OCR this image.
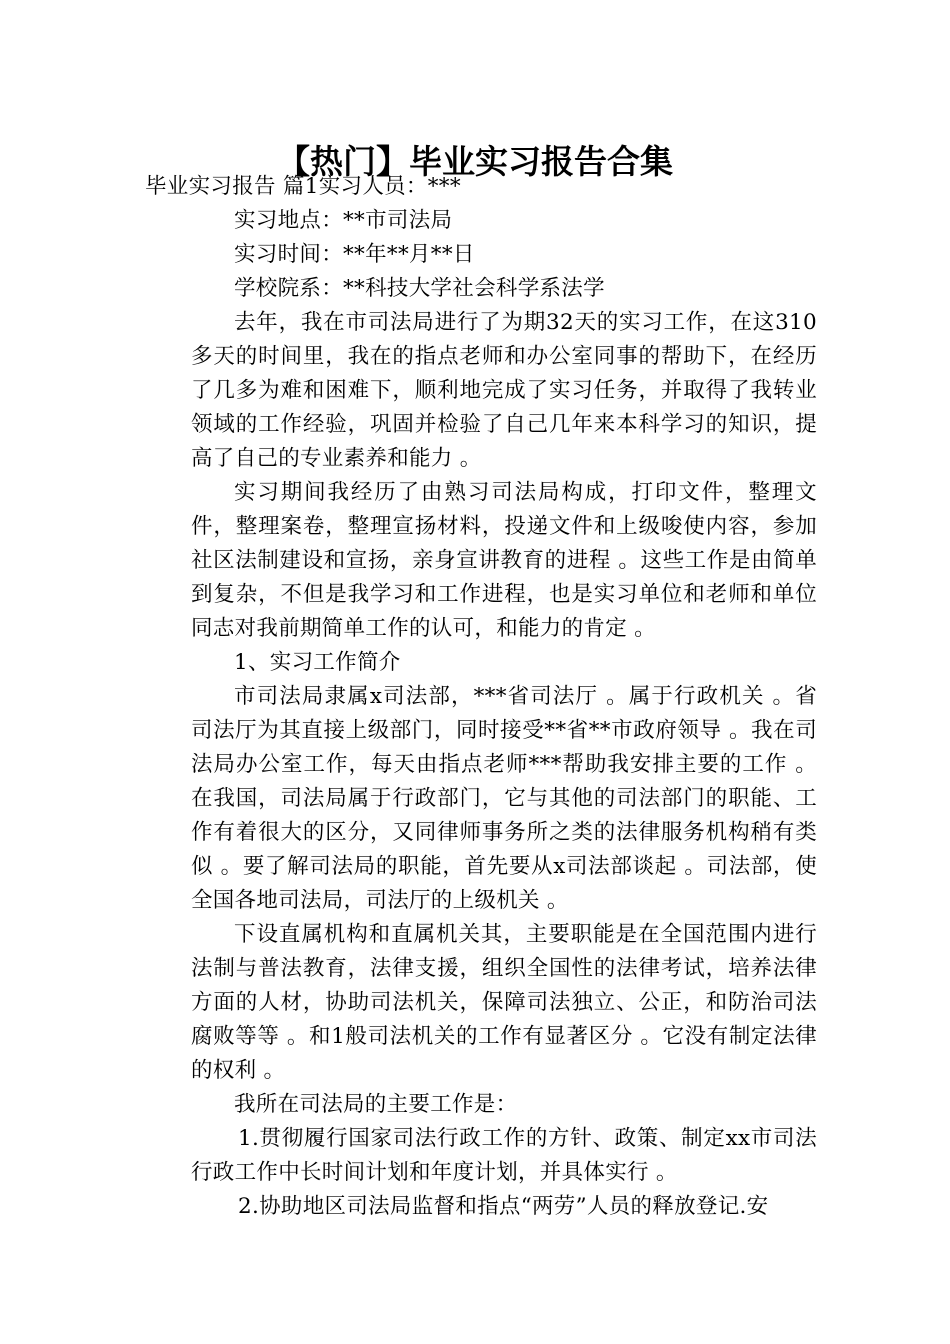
【热门】毕业实习报告合集

毕业实习报告 篇1实习人员：***

实习地点：**市司法局

实习时间：**年**月**日

学校院系：**科技大学社会科学系法学

去年，我在市司法局进行了为期32天的实习工作，在这310多天的时间里，我在的指点老师和办公室同事的帮助下，在经历了几多为难和困难下，顺利地完成了实习任务，并取得了我转业领域的工作经验，巩固并检验了自己几年来本科学习的知识，提高了自己的专业素养和能力 。

实习期间我经历了由熟习司法局构成，打印文件，整理文件，整理案卷，整理宣扬材料，投递文件和上级唆使内容，参加社区法制建设和宣扬，亲身宣讲教育的进程 。这些工作是由简单到复杂，不但是我学习和工作进程，也是实习单位和老师和单位同志对我前期简单工作的认可，和能力的肯定 。

1、实习工作简介

市司法局隶属x司法部，***省司法厅 。属于行政机关 。省司法厅为其直接上级部门，同时接受**省**市政府领导 。我在司法局办公室工作，每天由指点老师***帮助我安排主要的工作 。在我国，司法局属于行政部门，它与其他的司法部门的职能、工作有着很大的区分，又同律师事务所之类的法律服务机构稍有类似 。要了解司法局的职能，首先要从x司法部谈起 。司法部，使全国各地司法局，司法厅的上级机关 。

下设直属机构和直属机关其，主要职能是在全国范围内进行法制与普法教育，法律支援，组织全国性的法律考试，培养法律方面的人材，协助司法机关，保障司法独立、公正，和防治司法腐败等等 。和1般司法机关的工作有显著区分 。它没有制定法律的权利 。

我所在司法局的主要工作是：

1.贯彻履行国家司法行政工作的方针、政策、制定xx市司法行政工作中长时间计划和年度计划，并具体实行 。

2.协助地区司法局监督和指点“两劳”人员的释放登记.安
